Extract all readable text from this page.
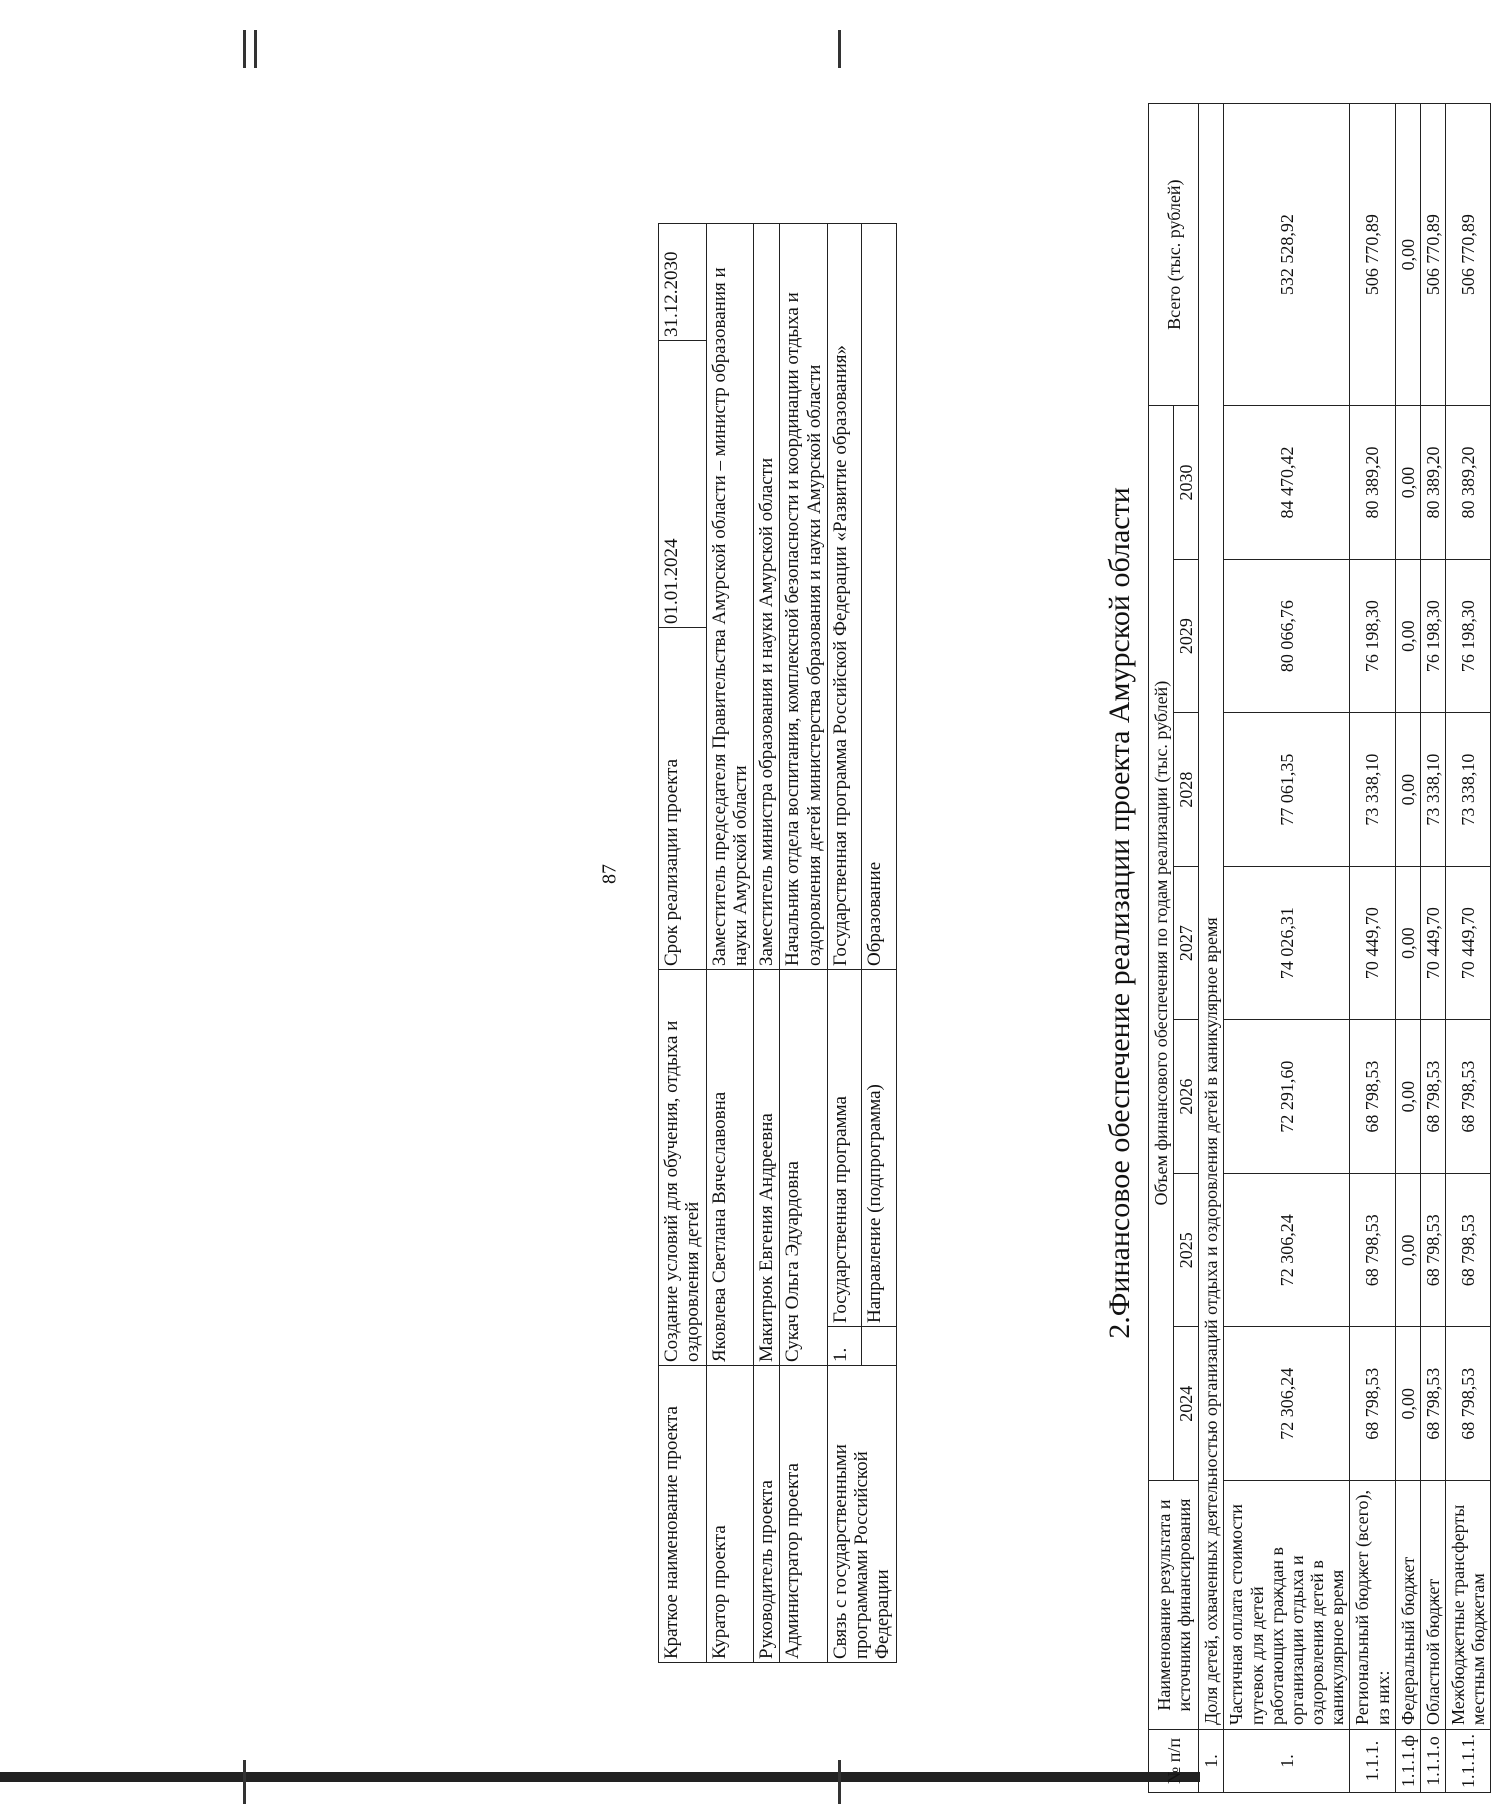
87
Краткое наименование проекта	Создание условий для обучения, отдыха и оздоровления детей		Срок реализации проекта	01.01.2024	31.12.2030
Куратор проекта	Яковлева Светлана Вячеславовна		Заместитель председателя Правительства Амурской области – министр образования и науки Амурской области		
Руководитель проекта	Макитрюк Евгения Андреевна		Заместитель министра образования и науки Амурской области		
Администратор проекта	Сукач Ольга Эдуардовна		Начальник отдела воспитания, комплексной безопасности и координации отдыха и оздоровления детей министерства образования и науки Амурской области		
Связь с государственными программами Российской Федерации	1.	Государственная программа	Государственная программа Российской Федерации «Развитие образования»		
		Направление (подпрограмма)	Образование			2.Финансовое обеспечение реализации проекта Амурской области
№ п/п	Наименование результата и источники финансирования	Объем финансового обеспечения по годам реализации (тыс. рублей)							Всего (тыс. рублей)
		2024	2025	2026	2027	2028	2029	2030	
1.	Доля детей, охваченных деятельностью организаций отдыха и оздоровления детей в каникулярное время								
1.	Частичная оплата стоимости путевок для детей работающих граждан в организации отдыха и оздоровления детей в каникулярное время	72 306,24	72 306,24	72 291,60	74 026,31	77 061,35	80 066,76	84 470,42	532 528,92
1.1.1.	Региональный бюджет (всего), из них:	68 798,53	68 798,53	68 798,53	70 449,70	73 338,10	76 198,30	80 389,20	506 770,89
1.1.1.ф	Федеральный бюджет	0,00	0,00	0,00	0,00	0,00	0,00	0,00	0,00
1.1.1.о	Областной бюджет	68 798,53	68 798,53	68 798,53	70 449,70	73 338,10	76 198,30	80 389,20	506 770,89
1.1.1.1.	Межбюджетные трансферты местным бюджетам	68 798,53	68 798,53	68 798,53	70 449,70	73 338,10	76 198,30	80 389,20	506 770,89
